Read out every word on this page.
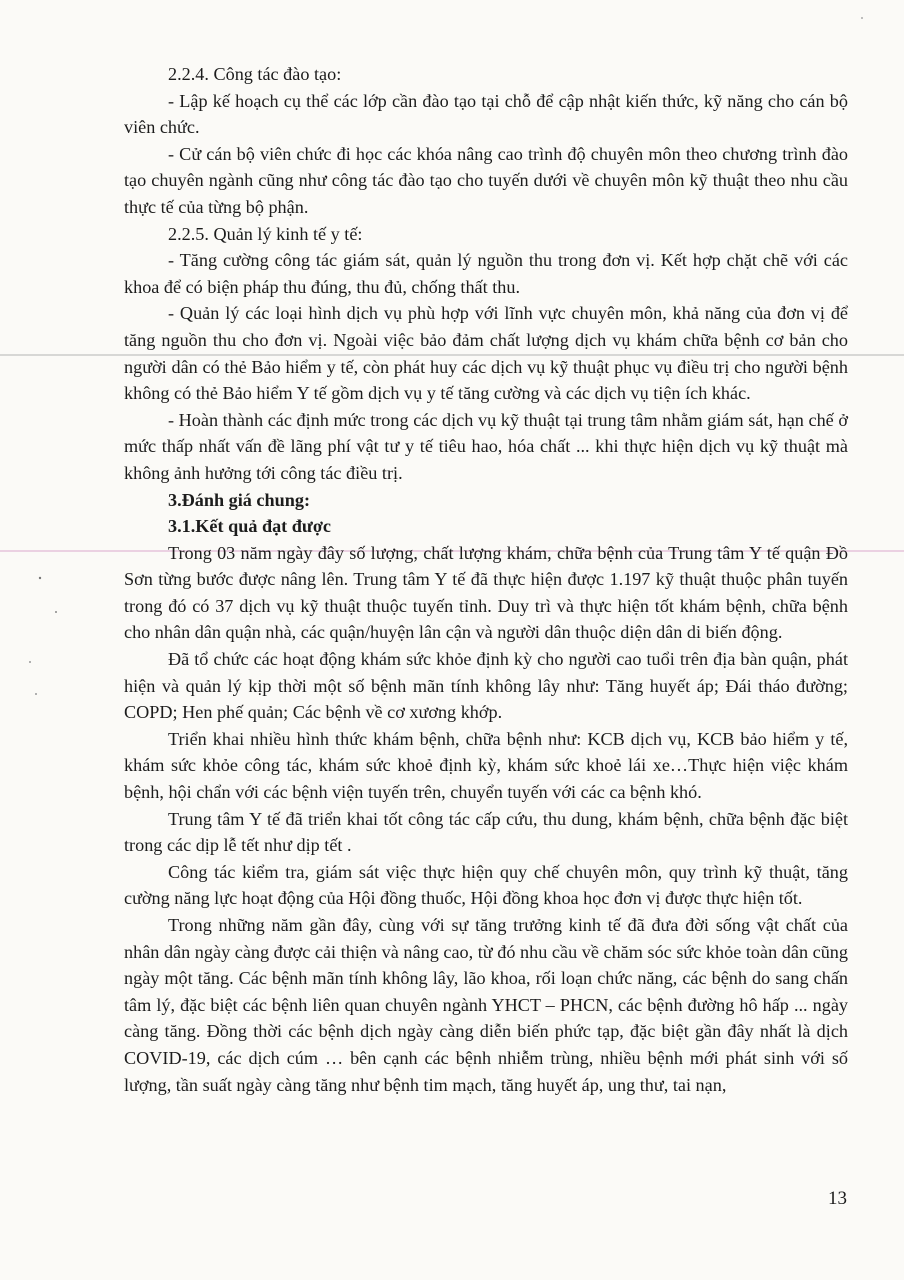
2.2.4. Công tác đào tạo:

- Lập kế hoạch cụ thể các lớp cần đào tạo tại chỗ để cập nhật kiến thức, kỹ năng cho cán bộ viên chức.

- Cử cán bộ viên chức đi học các khóa nâng cao trình độ chuyên môn theo chương trình đào tạo chuyên ngành cũng như công tác đào tạo cho tuyến dưới về chuyên môn kỹ thuật theo nhu cầu thực tế của từng bộ phận.

2.2.5. Quản lý kinh tế y tế:

- Tăng cường công tác giám sát, quản lý nguồn thu trong đơn vị. Kết hợp chặt chẽ với các khoa để có biện pháp thu đúng, thu đủ, chống thất thu.

- Quản lý các loại hình dịch vụ phù hợp với lĩnh vực chuyên môn, khả năng của đơn vị để tăng nguồn thu cho đơn vị. Ngoài việc bảo đảm chất lượng dịch vụ khám chữa bệnh cơ bản cho người dân có thẻ Bảo hiểm y tế, còn phát huy các dịch vụ kỹ thuật phục vụ điều trị cho người bệnh không có thẻ Bảo hiểm Y tế gồm dịch vụ y tế tăng cường và các dịch vụ tiện ích khác.

- Hoàn thành các định mức trong các dịch vụ kỹ thuật tại trung tâm nhằm giám sát, hạn chế ở mức thấp nhất vấn đề lãng phí vật tư y tế tiêu hao, hóa chất ... khi thực hiện dịch vụ kỹ thuật mà không ảnh hưởng tới công tác điều trị.

3.Đánh giá chung:

3.1.Kết quả đạt được

Trong 03 năm ngày đây số lượng, chất lượng khám, chữa bệnh của Trung tâm Y tế quận Đồ Sơn từng bước được nâng lên. Trung tâm Y tế đã thực hiện được 1.197 kỹ thuật thuộc phân tuyến trong đó có 37 dịch vụ kỹ thuật thuộc tuyến tỉnh. Duy trì và thực hiện tốt khám bệnh, chữa bệnh cho nhân dân quận nhà, các quận/huyện lân cận và người dân thuộc diện dân di biến động.

Đã tổ chức các hoạt động khám sức khỏe định kỳ cho người cao tuổi trên địa bàn quận, phát hiện và quản lý kịp thời một số bệnh mãn tính không lây như: Tăng huyết áp; Đái tháo đường; COPD; Hen phế quản; Các bệnh về cơ xương khớp.

Triển khai nhiều hình thức khám bệnh, chữa bệnh như: KCB dịch vụ, KCB bảo hiểm y tế, khám sức khỏe công tác, khám sức khoẻ định kỳ, khám sức khoẻ lái xe…Thực hiện việc khám bệnh, hội chẩn với các bệnh viện tuyến trên, chuyển tuyến với các ca bệnh khó.

Trung tâm Y tế đã triển khai tốt công tác cấp cứu, thu dung, khám bệnh, chữa bệnh đặc biệt trong các dịp lễ tết như dịp tết .

Công tác kiểm tra, giám sát việc thực hiện quy chế chuyên môn, quy trình kỹ thuật, tăng cường năng lực hoạt động của Hội đồng thuốc, Hội đồng khoa học đơn vị được thực hiện tốt.

Trong những năm gần đây, cùng với sự tăng trưởng kinh tế đã đưa đời sống vật chất của nhân dân ngày càng được cải thiện và nâng cao, từ đó nhu cầu về chăm sóc sức khỏe toàn dân cũng ngày một tăng. Các bệnh mãn tính không lây, lão khoa, rối loạn chức năng, các bệnh do sang chấn tâm lý, đặc biệt các bệnh liên quan chuyên ngành YHCT – PHCN, các bệnh đường hô hấp ... ngày càng tăng. Đồng thời các bệnh dịch ngày càng diễn biến phức tạp, đặc biệt gần đây nhất là dịch COVID-19, các dịch cúm … bên cạnh các bệnh nhiễm trùng, nhiều bệnh mới phát sinh với số lượng, tần suất ngày càng tăng như bệnh tim mạch, tăng huyết áp, ung thư, tai nạn,

13
